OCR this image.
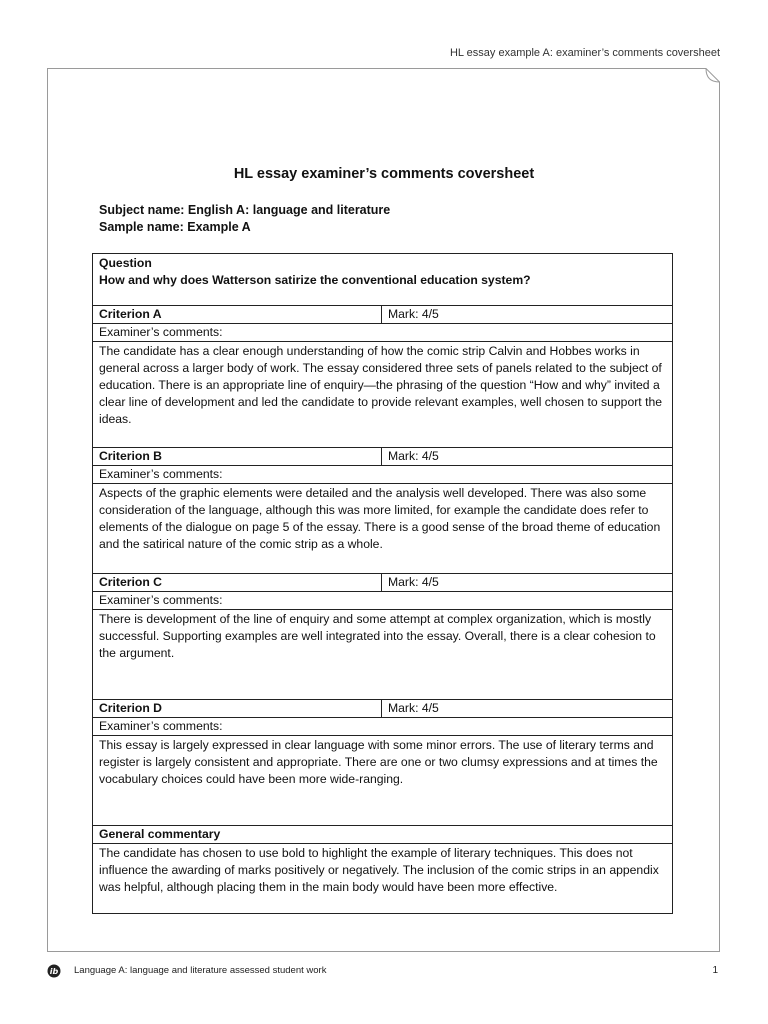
HL essay example A: examiner’s comments coversheet
HL essay examiner’s comments coversheet
Subject name: English A: language and literature
Sample name: Example A
Question
How and why does Watterson satirize the conventional education system?	

Criterion A	Mark: 4/5
Examiner’s comments:	
The candidate has a clear enough understanding of how the comic strip Calvin and Hobbes works in general across a larger body of work. The essay considered three sets of panels related to the subject of education. There is an appropriate line of enquiry—the phrasing of the question “How and why” invited a clear line of development and led the candidate to provide relevant examples, well chosen to support the ideas.	
Criterion B	Mark: 4/5
Examiner’s comments:	
Aspects of the graphic elements were detailed and the analysis well developed. There was also some consideration of the language, although this was more limited, for example the candidate does refer to elements of the dialogue on page 5 of the essay. There is a good sense of the broad theme of education and the satirical nature of the comic strip as a whole.	
Criterion C	Mark: 4/5
Examiner’s comments:	
There is development of the line of enquiry and some attempt at complex organization, which is mostly successful. Supporting examples are well integrated into the essay. Overall, there is a clear cohesion to the argument.	
Criterion D	Mark: 4/5
Examiner’s comments:	
This essay is largely expressed in clear language with some minor errors. The use of literary terms and register is largely consistent and appropriate. There are one or two clumsy expressions and at times the vocabulary choices could have been more wide-ranging.	
General commentary	
The candidate has chosen to use bold to highlight the example of literary techniques. This does not influence the awarding of marks positively or negatively. The inclusion of the comic strips in an appendix was helpful, although placing them in the main body would have been more effective.	
ib Language A: language and literature assessed student work	1
